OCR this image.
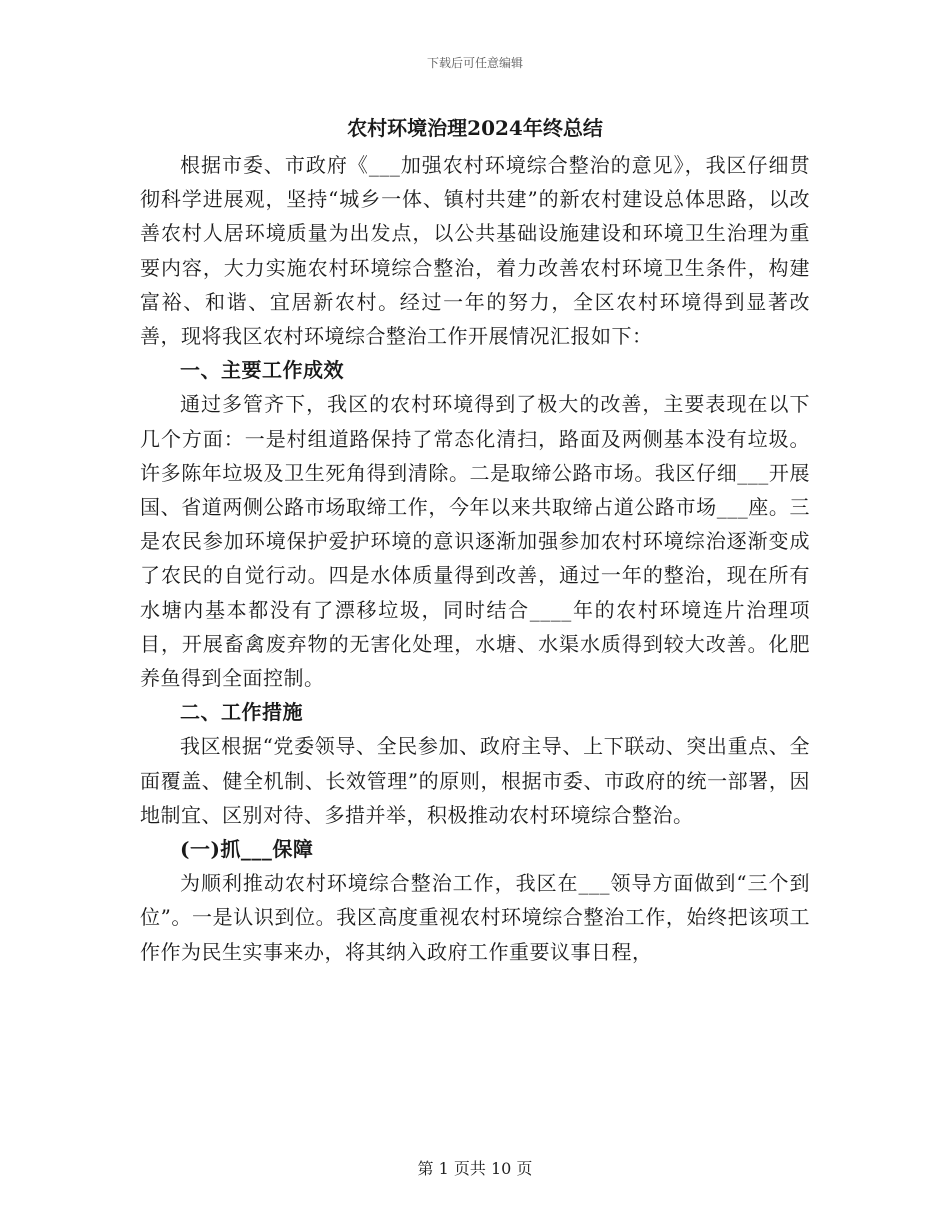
下载后可任意编辑
农村环境治理2024年终总结

根据市委、市政府《___加强农村环境综合整治的意见》，我区仔细贯彻科学进展观，坚持“城乡一体、镇村共建”的新农村建设总体思路，以改善农村人居环境质量为出发点，以公共基础设施建设和环境卫生治理为重要内容，大力实施农村环境综合整治，着力改善农村环境卫生条件，构建富裕、和谐、宜居新农村。经过一年的努力，全区农村环境得到显著改善，现将我区农村环境综合整治工作开展情况汇报如下：

一、主要工作成效

通过多管齐下，我区的农村环境得到了极大的改善，主要表现在以下几个方面：一是村组道路保持了常态化清扫，路面及两侧基本没有垃圾。许多陈年垃圾及卫生死角得到清除。二是取缔公路市场。我区仔细___开展国、省道两侧公路市场取缔工作，今年以来共取缔占道公路市场___座。三是农民参加环境保护爱护环境的意识逐渐加强参加农村环境综治逐渐变成了农民的自觉行动。四是水体质量得到改善，通过一年的整治，现在所有水塘内基本都没有了漂移垃圾，同时结合____年的农村环境连片治理项目，开展畜禽废弃物的无害化处理，水塘、水渠水质得到较大改善。化肥养鱼得到全面控制。

二、工作措施

我区根据“党委领导、全民参加、政府主导、上下联动、突出重点、全面覆盖、健全机制、长效管理”的原则，根据市委、市政府的统一部署，因地制宜、区别对待、多措并举，积极推动农村环境综合整治。

(一)抓___保障

为顺利推动农村环境综合整治工作，我区在___领导方面做到“三个到位”。一是认识到位。我区高度重视农村环境综合整治工作，始终把该项工作作为民生实事来办，将其纳入政府工作重要议事日程，

第 1 页共 10 页
